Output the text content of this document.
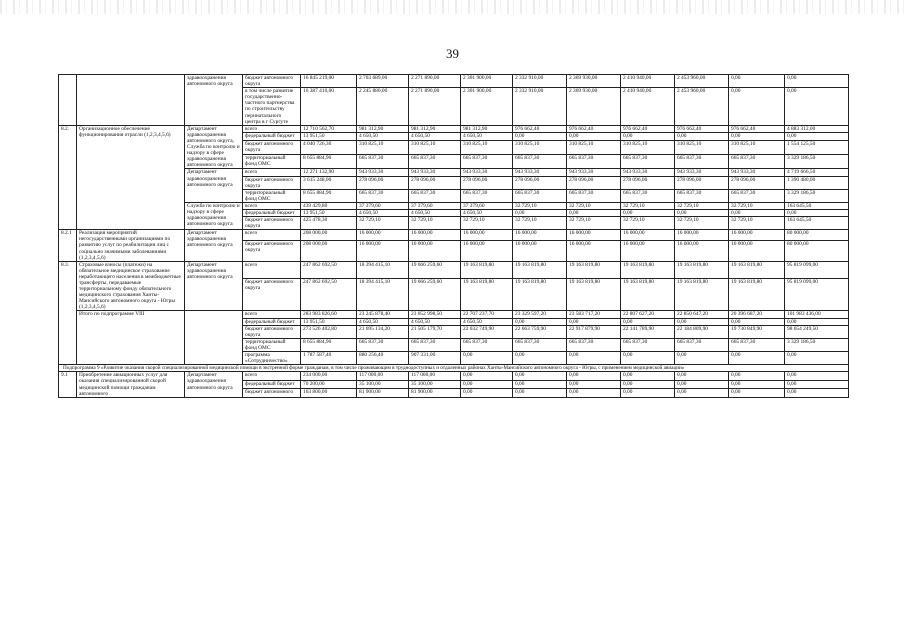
39
		здравоохранения автономного округа	бюджет автономного округа	16 845 219,00	2 703 689,00	2 271 890,00	2 301 900,00	2 332 910,00	2 369 930,00	2 410 940,00	2 453 960,00	0,00	0,00
			в том числе развитие государственно-частного партнерства по строительству перинатального центра в г Сургуте	16 387 410,00	2 245 880,00	2 271 890,00	2 301 900,00	2 332 910,00	2 369 930,00	2 410 940,00	2 453 960,00	0,00	0,00
8.2.	Организационное обеспечение функционирования отрасли (1,2,3,4,5,6)	Департамент здравоохранения автономного округа, Служба по контролю и надзору в сфере здравоохранения автономного округа	всего	12 710 562,70	981 312,90	981 312,90	981 312,90	976 662,40	976 662,40	976 662,40	976 662,40	976 662,40	4 883 312,00
			федеральный бюджет	13 951,50	4 650,50	4 650,50	4 650,50	0,00	0,00	0,00	0,00	0,00	0,00
			бюджет автономного округа	4 040 726,30	310 825,10	310 825,10	310 825,10	310 825,10	310 825,10	310 825,10	310 825,10	310 825,10	1 554 125,50
			территориальный фонд ОМС	8 655 884,90	665 837,30	665 837,30	665 837,30	665 837,30	665 837,30	665 837,30	665 837,30	665 837,30	3 329 186,50
		Департамент здравоохранения автономного округа	всего	12 271 132,90	943 933,30	943 933,30	943 933,30	943 933,30	943 933,30	943 933,30	943 933,30	943 933,30	4 719 666,50
			бюджет автономного округа	3 615 248,00	278 096,00	278 096,00	278 096,00	278 096,00	278 096,00	278 096,00	278 096,00	278 096,00	1 390 480,00
			территориальный фонд ОМС	8 655 884,90	665 837,30	665 837,30	665 837,30	665 837,30	665 837,30	665 837,30	665 837,30	665 837,30	3 329 186,50
		Служба по контролю и надзору в сфере здравоохранения автономного округа	всего	439 429,80	37 379,60	37 379,60	37 379,60	32 729,10	32 729,10	32 729,10	32 729,10	32 729,10	163 645,50
			федеральный бюджет	13 951,50	4 650,50	4 650,50	4 650,50	0,00	0,00	0,00	0,00	0,00	0,00
			бюджет автономного округа	425 478,30	32 729,10	32 729,10	32 729,10	32 729,10	32 729,10	32 729,10	32 729,10	32 729,10	163 645,50
8.2.1	Реализация мероприятий негосударственными организациями по развитию услуг по реабилитации лиц с социально значимыми заболеваниями (1,2,3,4,5,6)	Департамент здравоохранения автономного округа	всего	208 000,00	16 000,00	16 000,00	16 000,00	16 000,00	16 000,00	16 000,00	16 000,00	16 000,00	80 000,00
			бюджет автономного округа	208 000,00	16 000,00	16 000,00	16 000,00	16 000,00	16 000,00	16 000,00	16 000,00	16 000,00	80 000,00
8.3.	Страховые взносы (платежи) на обязательное медицинское страхование неработающего населения в межбюджетные трансферты, передаваемые территориальному фонду обязательного медицинского страхования Ханты-Мансийского автономного округа - Югры (1,2,3,4,5,6)	Департамент здравоохранения автономного округа	всего	247 862 692,50	18 394 415,10	19 666 259,60	19 163 819,80	19 163 819,80	19 163 819,80	19 163 819,80	19 163 819,80	19 163 819,80	95 819 099,00
			бюджет автономного округа	247 862 692,50	18 394 415,10	19 666 259,60	19 163 819,80	19 163 819,80	19 163 819,80	19 163 819,80	19 163 819,80	19 163 819,80	95 819 099,00
	Итого по подпрограмме VIII		всего	283 983 826,60	23 245 878,40	23 052 998,50	22 707 237,70	23 329 597,20	23 583 717,20	22 807 627,20	22 850 647,20	20 396 687,20	101 983 436,00
			федеральный бюджет	13 951,50	4 650,50	4 650,50	4 650,50	0,00	0,00	0,00	0,00	0,00	0,00
			бюджет автономного округа	273 526 402,80	21 695 134,20	21 505 179,70	22 032 749,90	22 663 759,90	22 917 879,90	22 141 789,90	22 184 809,90	19 730 849,90	98 654 249,50
			территориальный фонд ОМС	8 655 884,90	665 837,30	665 837,30	665 837,30	665 837,30	665 837,30	665 837,30	665 837,30	665 837,30	3 329 186,50
			программа «Сотрудничество»	1 787 587,40	880 256,40	907 331,00	0,00	0,00	0,00	0,00	0,00	0,00	0,00
Подпрограмма 9 «Развитие оказания скорой специализированной медицинской помощи в экстренной форме гражданам, в том числе проживающим в труднодоступных и отдаленных районах Ханты-Мансийского автономного округа - Югры, с применением медицинской авиации»													
9.1	Приобретение авиационных услуг для оказания специализированной скорой медицинской помощи гражданам автономного	Департамент здравоохранения автономного округа	всего	234 000,00	117 000,00	117 000,00	0,00	0,00	0,00	0,00	0,00	0,00	0,00
			федеральный бюджет	70 200,00	35 100,00	35 100,00	0,00	0,00	0,00	0,00	0,00	0,00	0,00
			бюджет автономного	163 800,00	81 900,00	81 900,00	0,00	0,00	0,00	0,00	0,00	0,00	0,00
